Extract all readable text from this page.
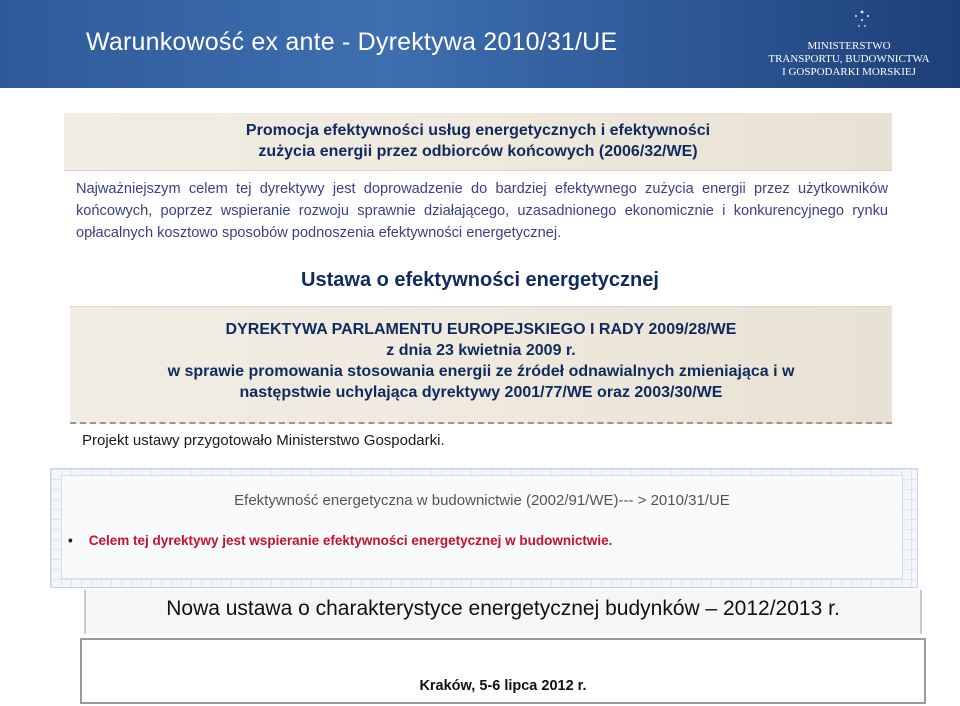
Warunkowość ex ante - Dyrektywa 2010/31/UE	MINISTERSTWO
TRANSPORTU, BUDOWNICTWA
I GOSPODARKI MORSKIEJ
Promocja efektywności usług energetycznych i efektywności
zużycia energii przez odbiorców końcowych (2006/32/WE)
Najważniejszym celem tej dyrektywy jest doprowadzenie do bardziej efektywnego zużycia energii przez użytkowników końcowych, poprzez wspieranie rozwoju sprawnie działającego, uzasadnionego ekonomicznie i konkurencyjnego rynku opłacalnych kosztowo sposobów podnoszenia efektywności energetycznej.
Ustawa o efektywności energetycznej
DYREKTYWA PARLAMENTU EUROPEJSKIEGO I RADY 2009/28/WE
z dnia 23 kwietnia 2009 r.
w sprawie promowania stosowania energii ze źródeł odnawialnych zmieniająca i w
następstwie uchylająca dyrektywy 2001/77/WE oraz 2003/30/WE
Projekt ustawy przygotowało Ministerstwo Gospodarki.
Efektywność energetyczna w budownictwie (2002/91/WE)--- > 2010/31/UE
• Celem tej dyrektywy jest wspieranie efektywności energetycznej w budownictwie.
Nowa ustawa o charakterystyce energetycznej budynków – 2012/2013 r.
Kraków, 5-6 lipca 2012 r.
